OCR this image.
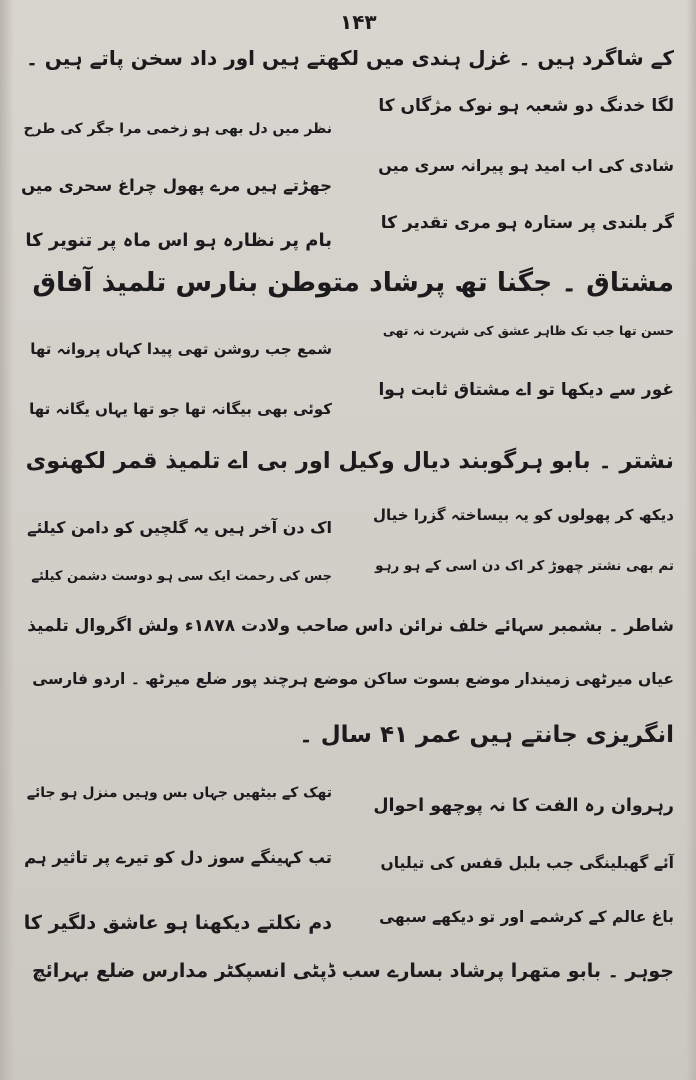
۱۴۳
کے شاگرد ہیں ۔ غزل ہندی میں لکھتے ہیں اور داد سخن پاتے ہیں ۔
لگا خدنگ دو شعبہ ہو نوک مژگاں کا
نظر میں دل بھی ہو زخمی مرا جگر کی طرح
شادی کی اب امید ہو پیرانہ سری میں
جھڑتے ہیں مرے پھول چراغ سحری میں
گر بلندی پر ستارہ ہو مری تقدیر کا
بام پر نظارہ ہو اس ماہ پر تنویر کا
مشتاق ۔ جگنا تھ پرشاد متوطن بنارس تلمیذ آفاق
حسن تھا جب تک ظاہر عشق کی شہرت نہ تھی
شمع جب روشن تھی پیدا کہاں پروانہ تھا
غور سے دیکھا تو اے مشتاق ثابت ہوا
کوئی بھی بیگانہ تھا جو تھا یہاں یگانہ تھا
نشتر ۔ بابو ہرگوبند دیال وکیل اور بی اے تلمیذ قمر لکھنوی
دیکھ کر پھولوں کو یہ بیساختہ گزرا خیال
اک دن آخر ہیں یہ گلچیں کو دامن کیلئے
تم بھی نشتر چھوڑ کر اک دن اسی کے ہو رہو
جس کی رحمت ایک سی ہو دوست دشمن کیلئے
شاطر ۔ بشمبر سہائے خلف نرائن داس صاحب ولادت ۱۸۷۸ء ولش اگروال تلمیذ
عیاں میرٹھی زمیندار موضع بسوت ساکن موضع ہرچند پور ضلع میرٹھ ۔ اردو فارسی
انگریزی جانتے ہیں عمر ۴۱ سال ۔
رہروان رہ الفت کا نہ پوچھو احوال
تھک کے بیٹھیں جہاں بس وہیں منزل ہو جائے
آئے گھبلینگی جب بلبل قفس کی تیلیاں
تب کہینگے سوز دل کو تیرے پر تاثیر ہم
باغ عالم کے کرشمے اور تو دیکھے سبھی
دم نکلتے دیکھنا ہو عاشق دلگیر کا
جوہر ۔ بابو متھرا پرشاد بسارے سب ڈپٹی انسپکٹر مدارس ضلع بہرائچ
